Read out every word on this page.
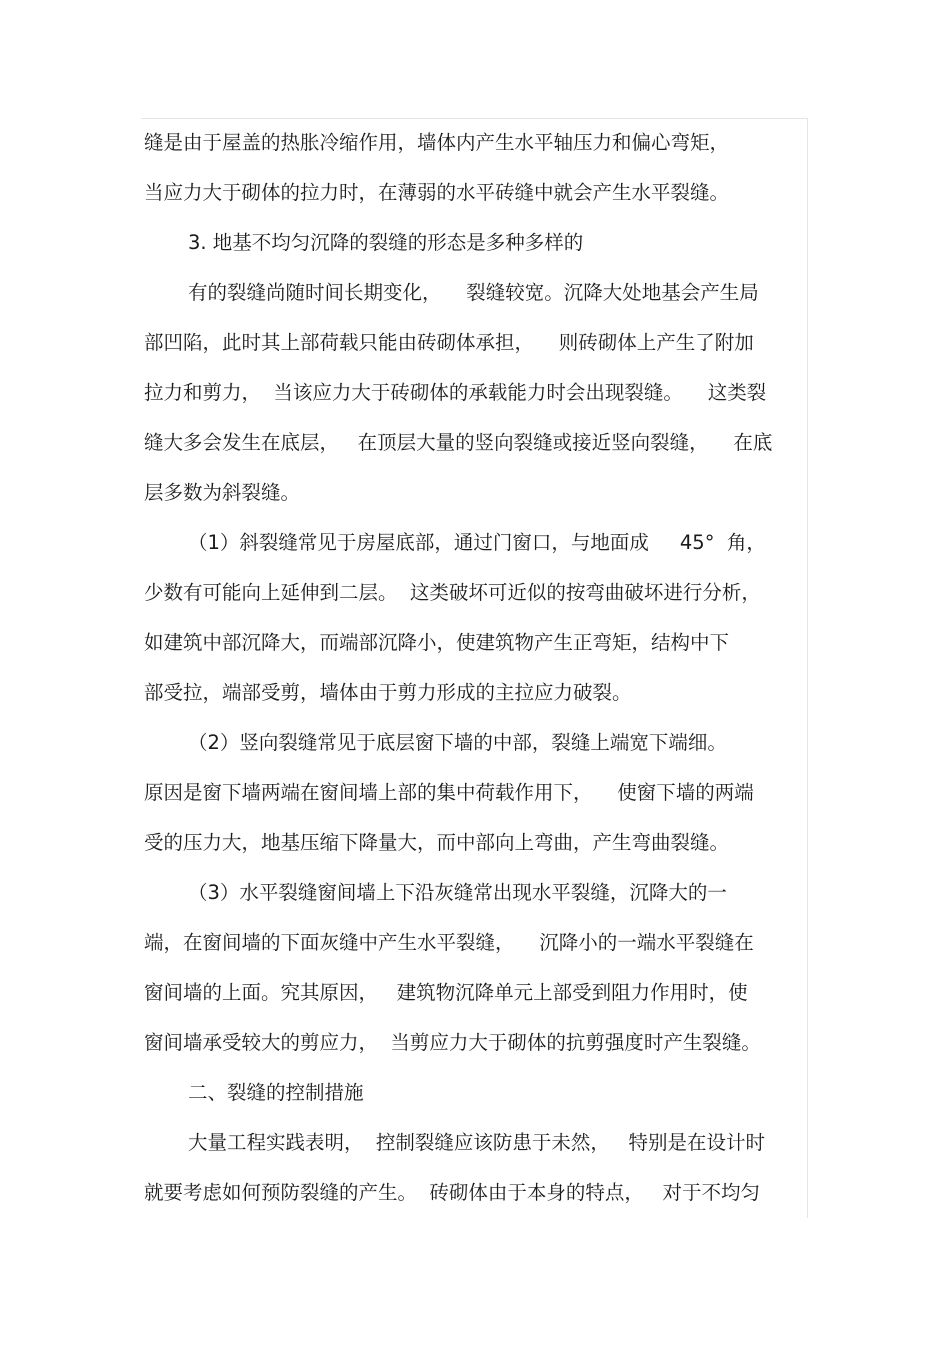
缝是由于屋盖的热胀冷缩作用，墙体内产生水平轴压力和偏心弯矩，
当应力大于砌体的拉力时，在薄弱的水平砖缝中就会产生水平裂缝。
3. 地基不均匀沉降的裂缝的形态是多种多样的
有的裂缝尚随时间长期变化，    裂缝较宽。沉降大处地基会产生局
部凹陷，此时其上部荷载只能由砖砌体承担，    则砖砌体上产生了附加
拉力和剪力，  当该应力大于砖砌体的承载能力时会出现裂缝。    这类裂
缝大多会发生在底层，   在顶层大量的竖向裂缝或接近竖向裂缝，    在底
层多数为斜裂缝。
（1）斜裂缝常见于房屋底部，通过门窗口，与地面成     45°  角，
少数有可能向上延伸到二层。  这类破坏可近似的按弯曲破坏进行分析，
如建筑中部沉降大，而端部沉降小，使建筑物产生正弯矩，结构中下
部受拉，端部受剪，墙体由于剪力形成的主拉应力破裂。
（2）竖向裂缝常见于底层窗下墙的中部，裂缝上端宽下端细。
原因是窗下墙两端在窗间墙上部的集中荷载作用下，    使窗下墙的两端
受的压力大，地基压缩下降量大，而中部向上弯曲，产生弯曲裂缝。
（3）水平裂缝窗间墙上下沿灰缝常出现水平裂缝，沉降大的一
端，在窗间墙的下面灰缝中产生水平裂缝，    沉降小的一端水平裂缝在
窗间墙的上面。究其原因，   建筑物沉降单元上部受到阻力作用时，使
窗间墙承受较大的剪应力，  当剪应力大于砌体的抗剪强度时产生裂缝。
二、裂缝的控制措施
大量工程实践表明，  控制裂缝应该防患于未然，   特别是在设计时
就要考虑如何预防裂缝的产生。  砖砌体由于本身的特点，   对于不均匀
